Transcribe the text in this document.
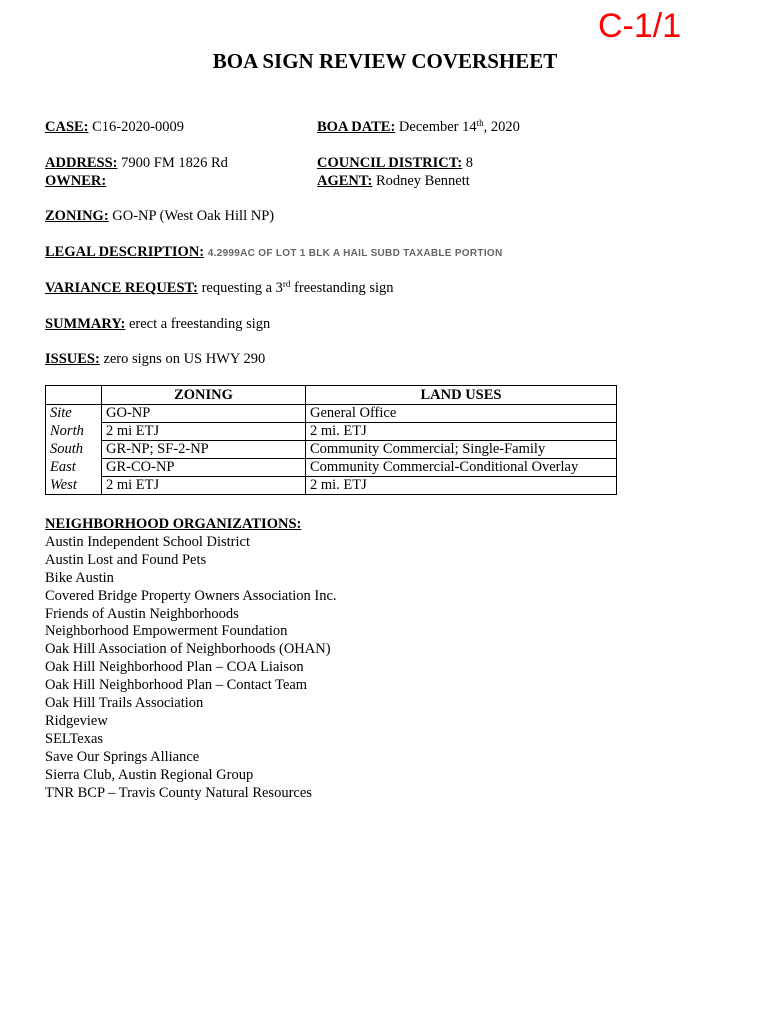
C-1/1
BOA SIGN REVIEW COVERSHEET
CASE: C16-2020-0009	BOA DATE: December 14th, 2020
ADDRESS: 7900 FM 1826 Rd	COUNCIL DISTRICT: 8
OWNER:	AGENT: Rodney Bennett
ZONING: GO-NP (West Oak Hill NP)
LEGAL DESCRIPTION: 4.2999AC OF LOT 1 BLK A HAIL SUBD TAXABLE PORTION
VARIANCE REQUEST: requesting a 3rd freestanding sign
SUMMARY: erect a freestanding sign
ISSUES: zero signs on US HWY 290
	ZONING	LAND USES
Site	GO-NP	General Office
North	2 mi ETJ	2 mi. ETJ
South	GR-NP; SF-2-NP	Community Commercial; Single-Family
East	GR-CO-NP	Community Commercial-Conditional Overlay
West	2 mi ETJ	2 mi. ETJ
NEIGHBORHOOD ORGANIZATIONS:
Austin Independent School District
Austin Lost and Found Pets
Bike Austin
Covered Bridge Property Owners Association Inc.
Friends of Austin Neighborhoods
Neighborhood Empowerment Foundation
Oak Hill Association of Neighborhoods (OHAN)
Oak Hill Neighborhood Plan – COA Liaison
Oak Hill Neighborhood Plan – Contact Team
Oak Hill Trails Association
Ridgeview
SELTexas
Save Our Springs Alliance
Sierra Club, Austin Regional Group
TNR BCP – Travis County Natural Resources
